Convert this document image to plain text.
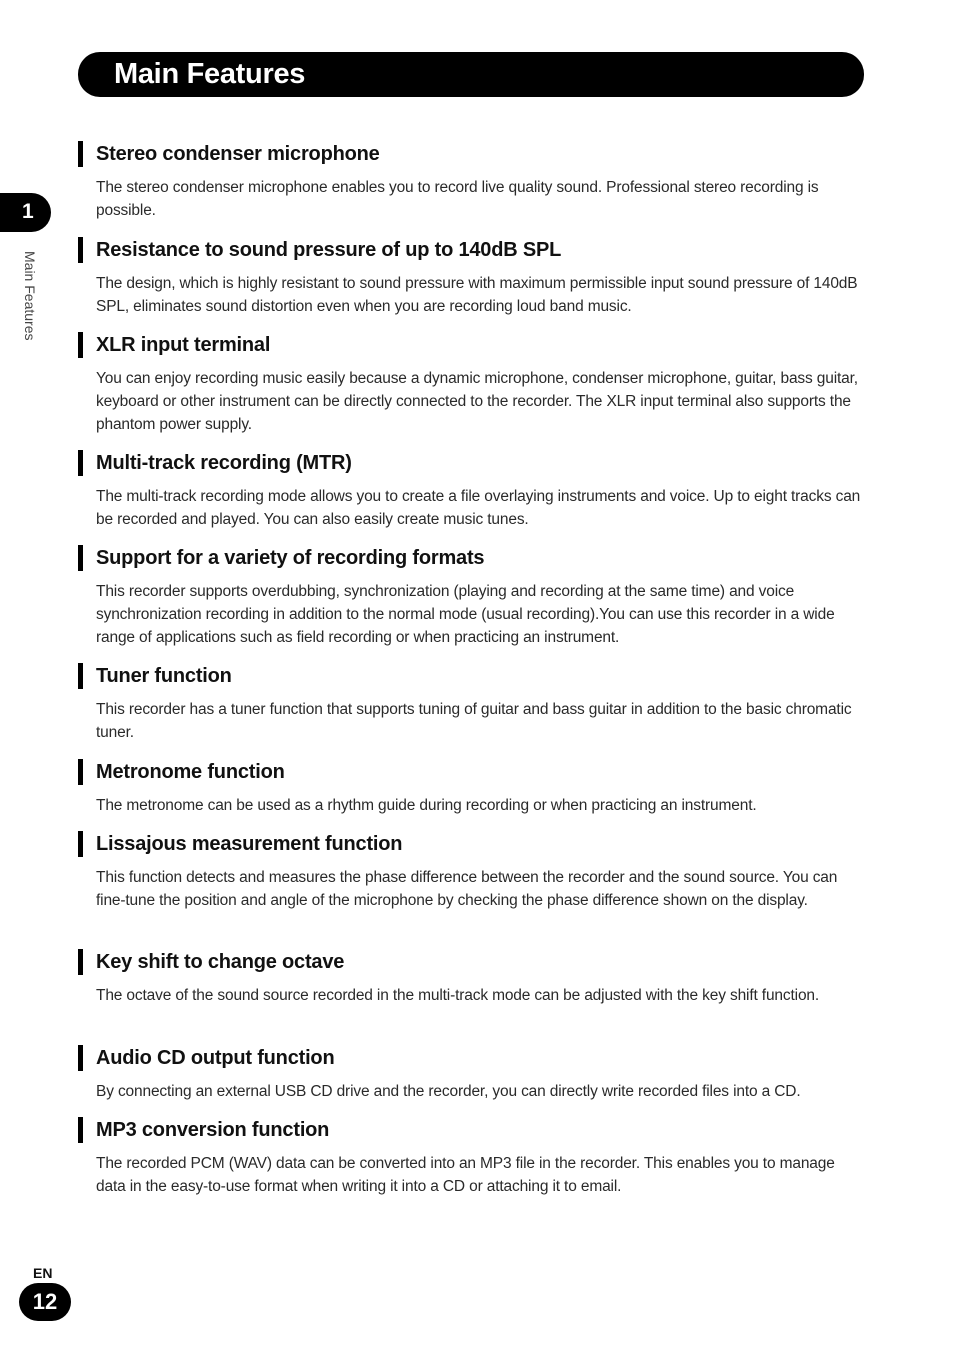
Main Features
1
Main Features
Stereo condenser microphone
The stereo condenser microphone enables you to record live quality sound. Professional stereo recording is possible.
Resistance to sound pressure of up to 140dB SPL
The design, which is highly resistant to sound pressure with maximum permissible input sound pressure of 140dB SPL, eliminates sound distortion even when you are recording loud band music.
XLR input terminal
You can enjoy recording music easily because a dynamic microphone, condenser microphone, guitar, bass guitar, keyboard or other instrument can be directly connected to the recorder. The XLR input terminal also supports the phantom power supply.
Multi-track recording (MTR)
The multi-track recording mode allows you to create a file overlaying instruments and voice. Up to eight tracks can be recorded and played. You can also easily create music tunes.
Support for a variety of recording formats
This recorder supports overdubbing, synchronization (playing and recording at the same time) and voice synchronization recording in addition to the normal mode (usual recording).You can use this recorder in a wide range of applications such as field recording or when practicing an instrument.
Tuner function
This recorder has a tuner function that supports tuning of guitar and bass guitar in addition to the basic chromatic tuner.
Metronome function
The metronome can be used as a rhythm guide during recording or when practicing an instrument.
Lissajous measurement function
This function detects and measures the phase difference between the recorder and the sound source. You can fine-tune the position and angle of the microphone by checking the phase difference shown on the display.
Key shift to change octave
The octave of the sound source recorded in the multi-track mode can be adjusted with the key shift function.
Audio CD output function
By connecting an external USB CD drive and the recorder, you can directly write recorded files into a CD.
MP3 conversion function
The recorded PCM (WAV) data can be converted into an MP3 file in the recorder. This enables you to manage data in the easy-to-use format when writing it into a CD or attaching it to email.
EN
12
